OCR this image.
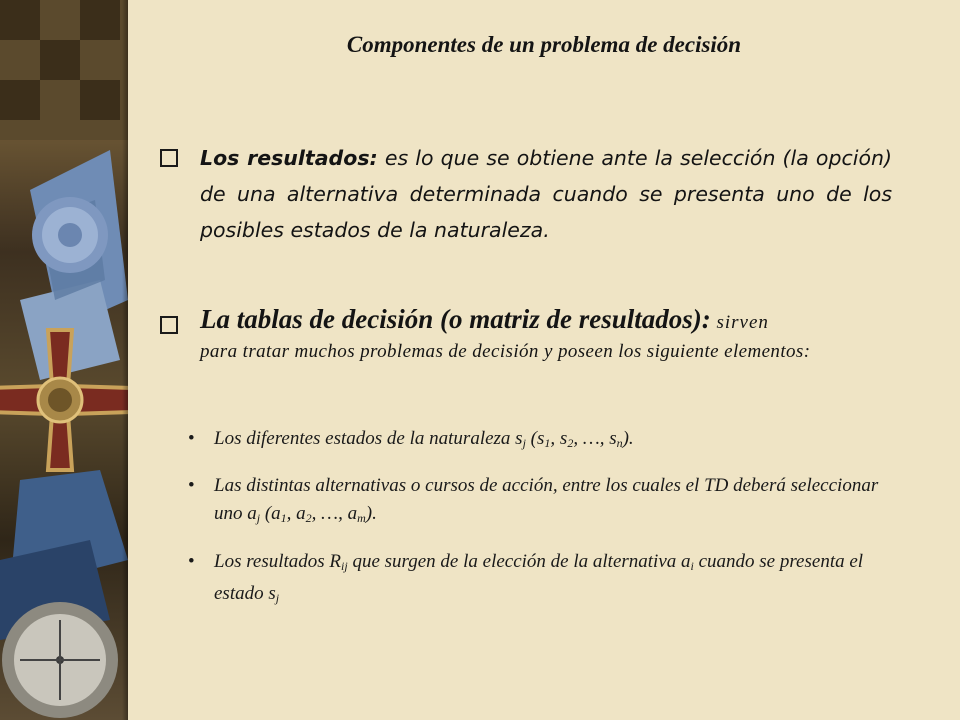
Componentes de un problema de decisión
Los resultados: es lo que se obtiene ante la selección (la opción) de una alternativa determinada cuando se presenta uno de los posibles estados de la naturaleza.
La tablas de decisión (o matriz de resultados): sirven
para tratar muchos problemas de decisión y poseen los siguiente elementos:
• Los diferentes estados de la naturaleza $s_j$ ($s_1$, $s_2$, …, $s_n$).
• Las distintas alternativas o cursos de acción, entre los cuales el TD deberá seleccionar uno $a_j$ ($a_1$, $a_2$, …, $a_m$).
• Los resultados $R_{ij}$ que surgen de la elección de la alternativa $a_i$ cuando se presenta el estado $s_j$
